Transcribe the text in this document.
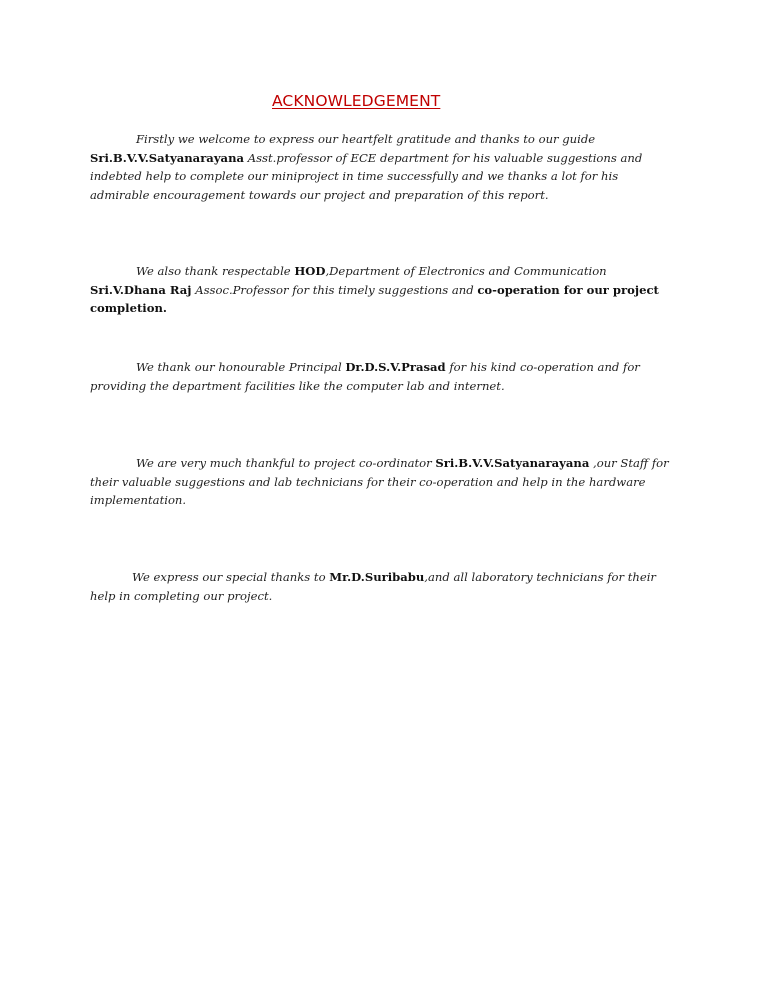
ACKNOWLEDGEMENT

Firstly we welcome to express our heartfelt gratitude and thanks to our guide Sri.B.V.V.Satyanarayana Asst.professor of ECE department for his valuable suggestions and indebted help to complete our miniproject in time successfully and we thanks a lot for his admirable encouragement towards our project and preparation of this report.

We also thank respectable HOD,Department of Electronics and Communication Sri.V.Dhana Raj Assoc.Professor for this timely suggestions and co-operation for our project completion.

We thank our honourable Principal Dr.D.S.V.Prasad for his kind co-operation and for providing the department facilities like the computer lab and internet.

We are very much thankful to project co-ordinator Sri.B.V.V.Satyanarayana ,our Staff for their valuable suggestions and lab technicians for their co-operation and help in the hardware implementation.

We express our special thanks to Mr.D.Suribabu,and all laboratory technicians for their help in completing our project.
